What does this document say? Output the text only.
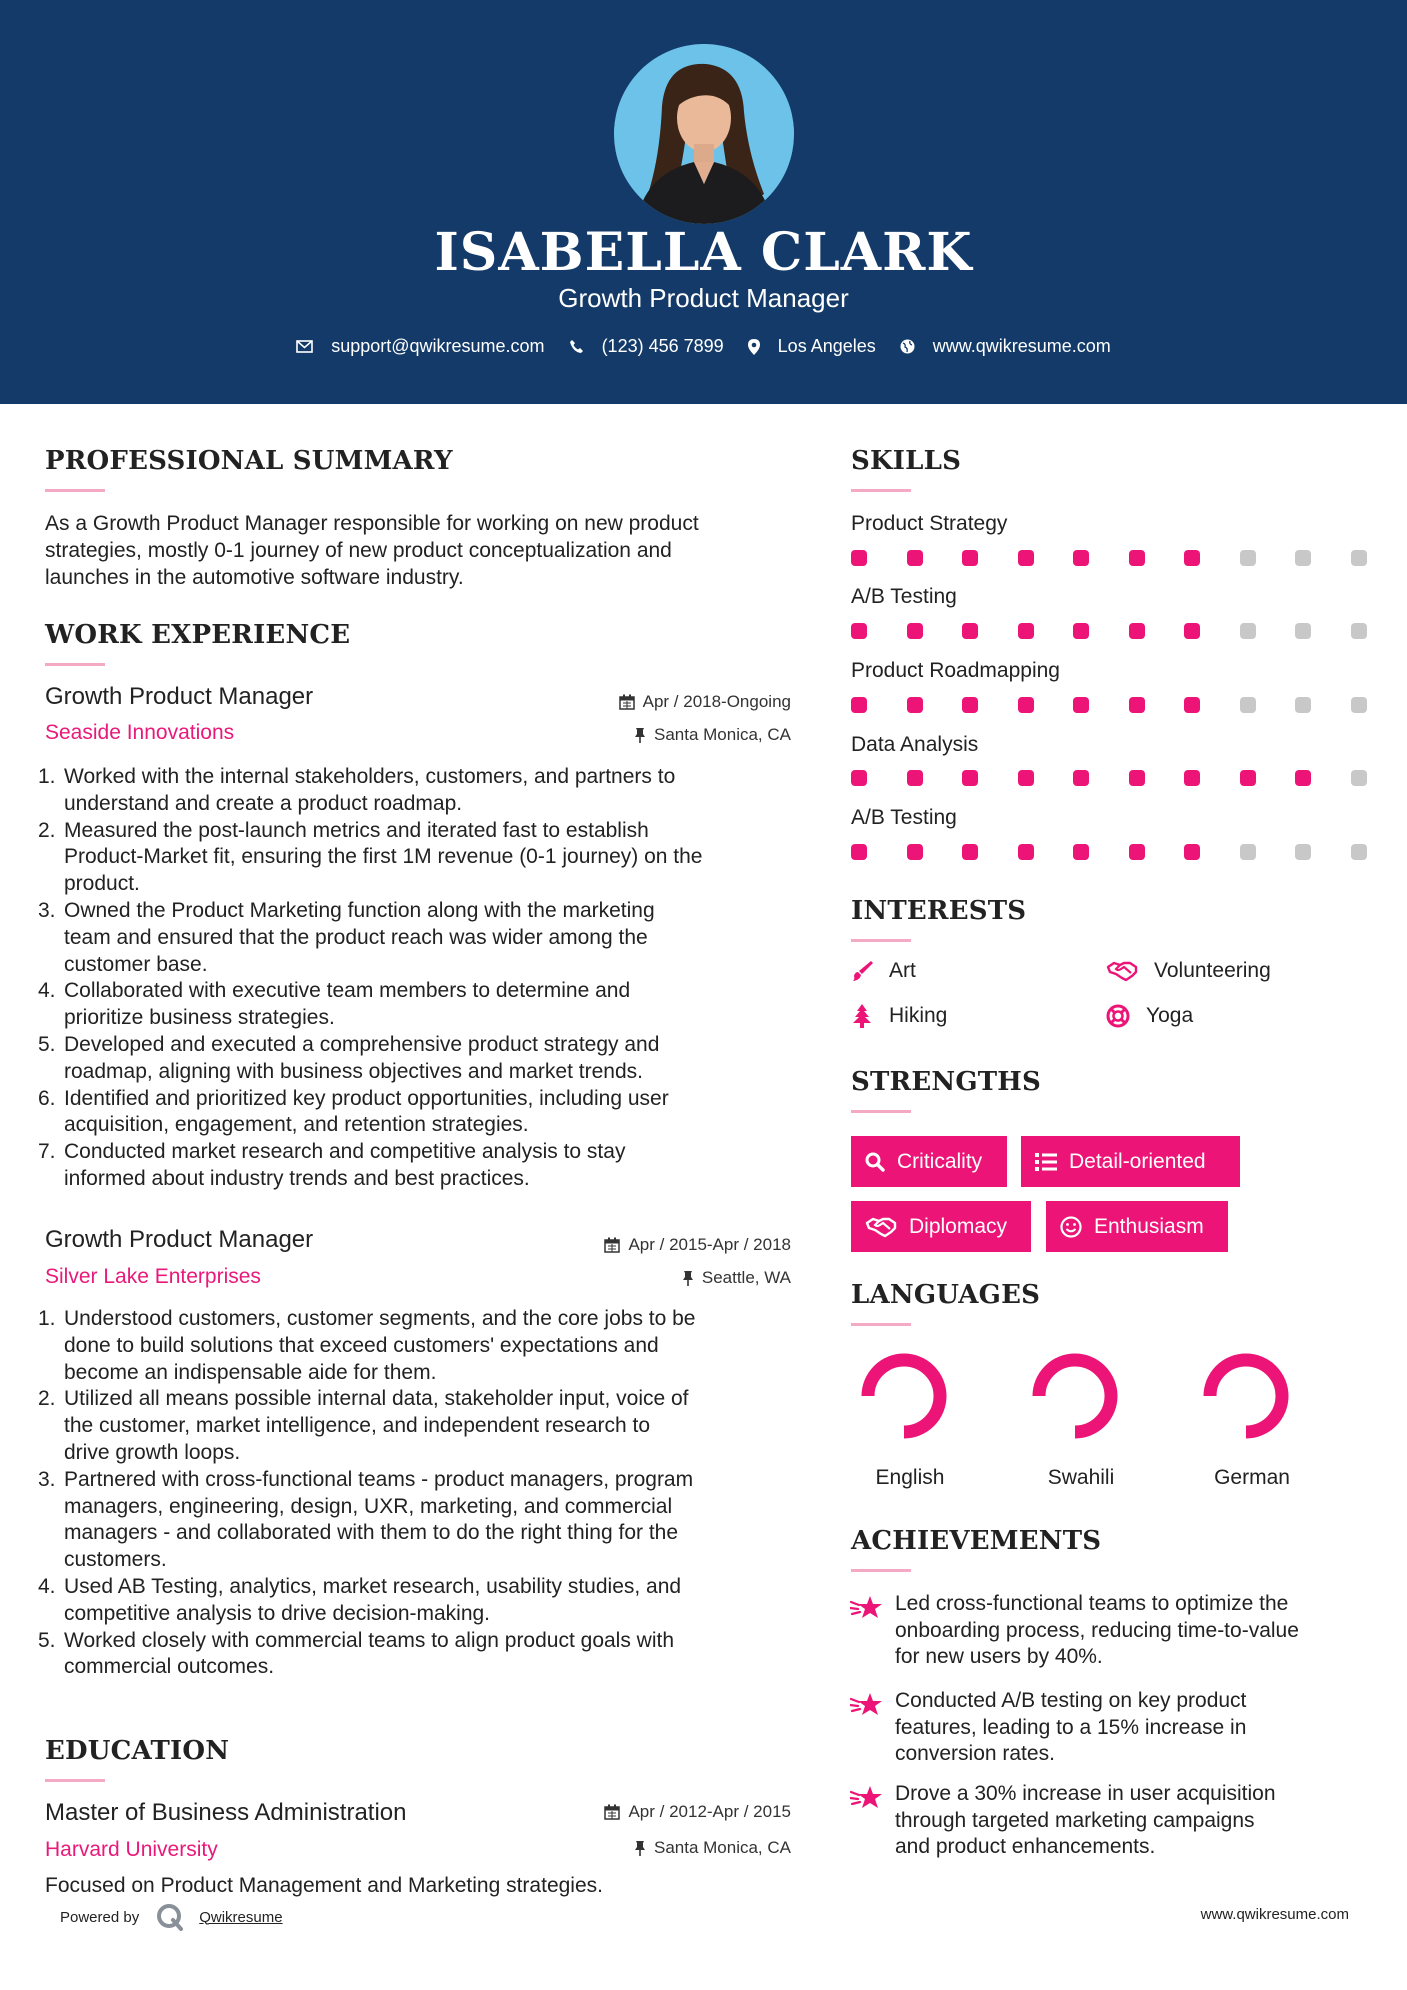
ISABELLA CLARK
Growth Product Manager
support@qwikresume.com	(123) 456 7899	Los Angeles	www.qwikresume.com
PROFESSIONAL SUMMARY
As a Growth Product Manager responsible for working on new product
strategies, mostly 0-1 journey of new product conceptualization and
launches in the automotive software industry.
WORK EXPERIENCE
Growth Product Manager
Seaside Innovations
Apr / 2018-Ongoing
Santa Monica, CA
1. Worked with the internal stakeholders, customers, and partners to
understand and create a product roadmap.
2. Measured the post-launch metrics and iterated fast to establish
Product-Market fit, ensuring the first 1M revenue (0-1 journey) on the
product.
3. Owned the Product Marketing function along with the marketing
team and ensured that the product reach was wider among the
customer base.
4. Collaborated with executive team members to determine and
prioritize business strategies.
5. Developed and executed a comprehensive product strategy and
roadmap, aligning with business objectives and market trends.
6. Identified and prioritized key product opportunities, including user
acquisition, engagement, and retention strategies.
7. Conducted market research and competitive analysis to stay
informed about industry trends and best practices.
Growth Product Manager
Silver Lake Enterprises
Apr / 2015-Apr / 2018
Seattle, WA
1. Understood customers, customer segments, and the core jobs to be
done to build solutions that exceed customers' expectations and
become an indispensable aide for them.
2. Utilized all means possible internal data, stakeholder input, voice of
the customer, market intelligence, and independent research to
drive growth loops.
3. Partnered with cross-functional teams - product managers, program
managers, engineering, design, UXR, marketing, and commercial
managers - and collaborated with them to do the right thing for the
customers.
4. Used AB Testing, analytics, market research, usability studies, and
competitive analysis to drive decision-making.
5. Worked closely with commercial teams to align product goals with
commercial outcomes.
EDUCATION
Master of Business Administration
Harvard University
Apr / 2012-Apr / 2015
Santa Monica, CA
Focused on Product Management and Marketing strategies.
SKILLS
Product Strategy
A/B Testing
Product Roadmapping
Data Analysis
A/B Testing
INTERESTS
Art	Volunteering
Hiking	Yoga
STRENGTHS
Criticality	Detail-oriented
Diplomacy	Enthusiasm
LANGUAGES
English	Swahili	German
ACHIEVEMENTS
Led cross-functional teams to optimize the
onboarding process, reducing time-to-value
for new users by 40%.
Conducted A/B testing on key product
features, leading to a 15% increase in
conversion rates.
Drove a 30% increase in user acquisition
through targeted marketing campaigns
and product enhancements.
Powered by	Qwikresume	www.qwikresume.com
